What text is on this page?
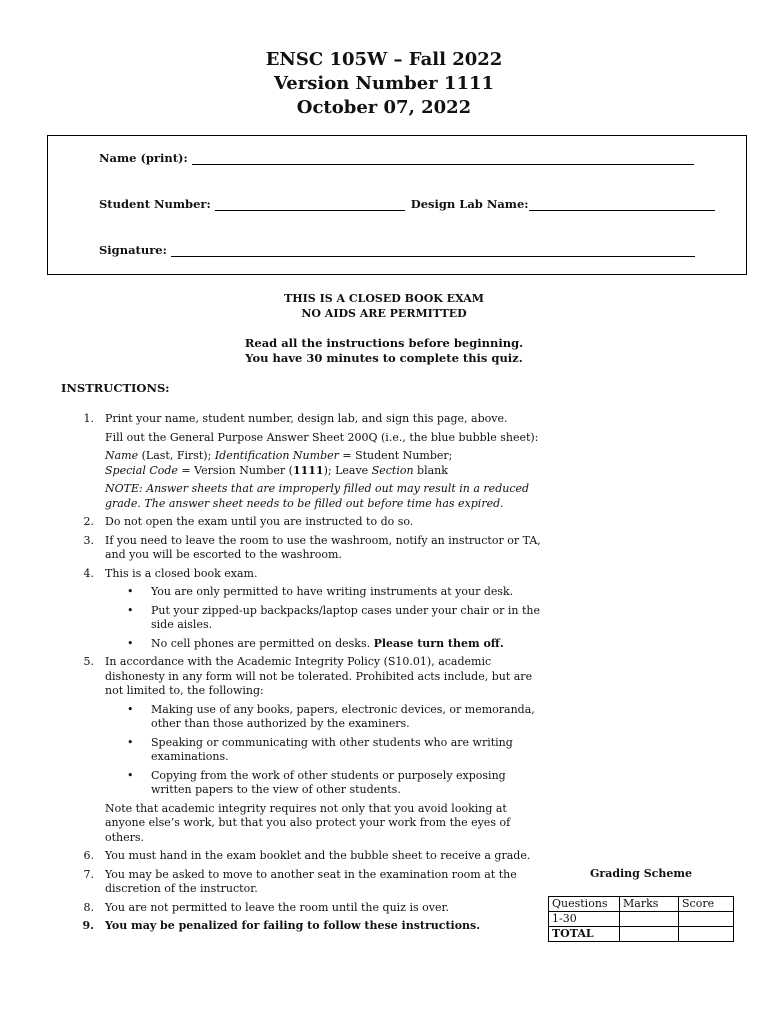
ENSC 105W – Fall 2022
Version Number 1111
October 07, 2022
Name (print):
Student Number:	Design Lab Name:
Signature:
THIS IS A CLOSED BOOK EXAM
NO AIDS ARE PERMITTED
Read all the instructions before beginning.
You have 30 minutes to complete this quiz.
INSTRUCTIONS:
1. Print your name, student number, design lab, and sign this page, above.

Fill out the General Purpose Answer Sheet 200Q (i.e., the blue bubble sheet):

Name (Last, First); Identification Number = Student Number;
Special Code = Version Number (1111); Leave Section blank

NOTE: Answer sheets that are improperly filled out may result in a reduced grade. The answer sheet needs to be filled out before time has expired.

2. Do not open the exam until you are instructed to do so.

3. If you need to leave the room to use the washroom, notify an instructor or TA, and you will be escorted to the washroom.

4. This is a closed book exam.

• You are only permitted to have writing instruments at your desk.
• Put your zipped-up backpacks/laptop cases under your chair or in the side aisles.
• No cell phones are permitted on desks. Please turn them off.
5. In accordance with the Academic Integrity Policy (S10.01), academic dishonesty in any form will not be tolerated. Prohibited acts include, but are not limited to, the following:

• Making use of any books, papers, electronic devices, or memoranda, other than those authorized by the examiners.
• Speaking or communicating with other students who are writing examinations.
• Copying from the work of other students or purposely exposing written papers to the view of other students.

Note that academic integrity requires not only that you avoid looking at anyone else’s work, but that you also protect your work from the eyes of others.

6. You must hand in the exam booklet and the bubble sheet to receive a grade.

7. You may be asked to move to another seat in the examination room at the discretion of the instructor.

8. You are not permitted to leave the room until the quiz is over.

9. You may be penalized for failing to follow these instructions.

Grading Scheme
Questions	Marks	Score
1-30		
TOTAL		
